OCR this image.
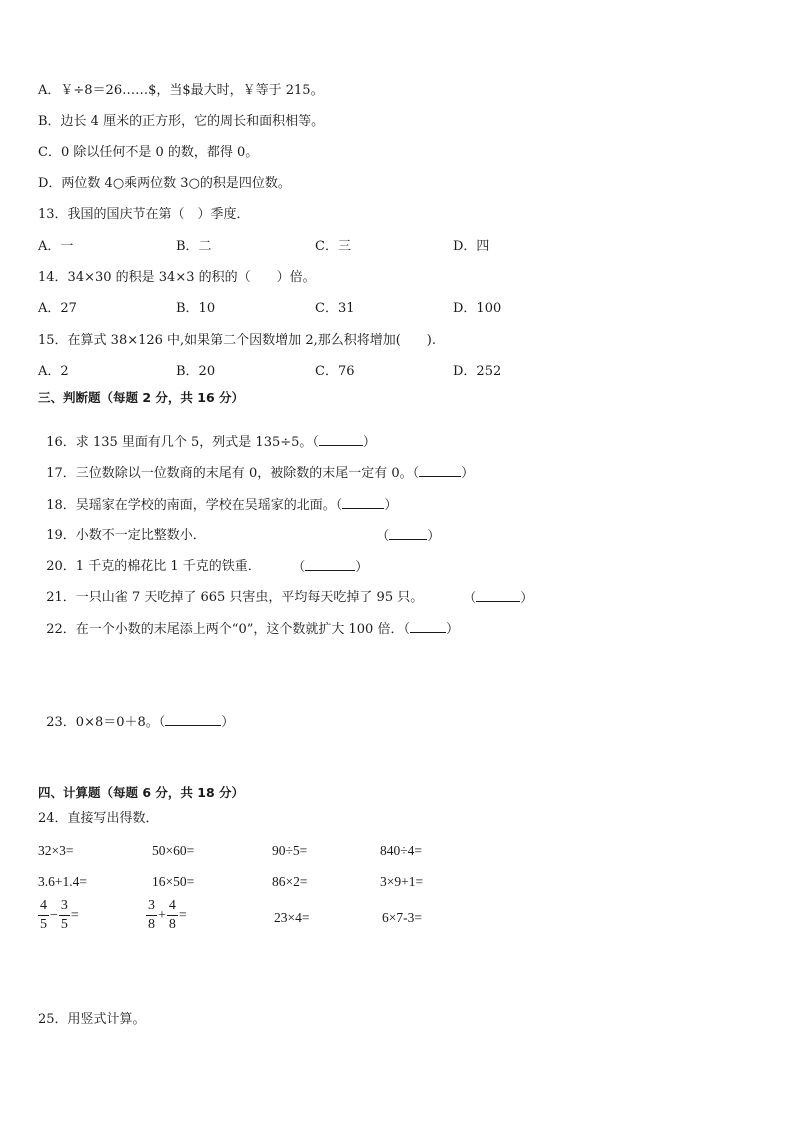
A．￥÷8＝26……$，当$最大时，￥等于 215。
B．边长 4 厘米的正方形，它的周长和面积相等。
C．0 除以任何不是 0 的数，都得 0。
D．两位数 4○乘两位数 3○的积是四位数。
13．我国的国庆节在第（　）季度．
A．一	B．二	C．三	D．四
14．34×30 的积是 34×3 的积的（　　）倍。
A．27	B．10	C．31	D．100
15．在算式 38×126 中,如果第二个因数增加 2,那么积将增加(　　).
A．2	B．20	C．76	D．252
三、判断题（每题 2 分，共 16 分）

16．求 135 里面有几个 5，列式是 135÷5。（	）

17．三位数除以一位数商的末尾有 0，被除数的末尾一定有 0。（	）

18．吴瑶家在学校的南面，学校在吴瑶家的北面。（	）

19．小数不一定比整数小．	（	）

20．1 千克的棉花比 1 千克的铁重．	（	）

21．一只山雀 7 天吃掉了 665 只害虫，平均每天吃掉了 95 只。	（	）

22．在一个小数的末尾添上两个“0”，这个数就扩大 100 倍．（	）

23．0×8＝0＋8。（	）

四、计算题（每题 6 分，共 18 分）
24．直接写出得数．
32×3=	50×60=	90÷5=	840÷4=
3.6+1.4=	16×50=	86×2=	3×9+1=
$\frac{4}{5} - \frac{3}{5}$ =	$\frac{3}{8} + \frac{4}{8}$ =	23×4=	6×7-3=
25．用竖式计算。
